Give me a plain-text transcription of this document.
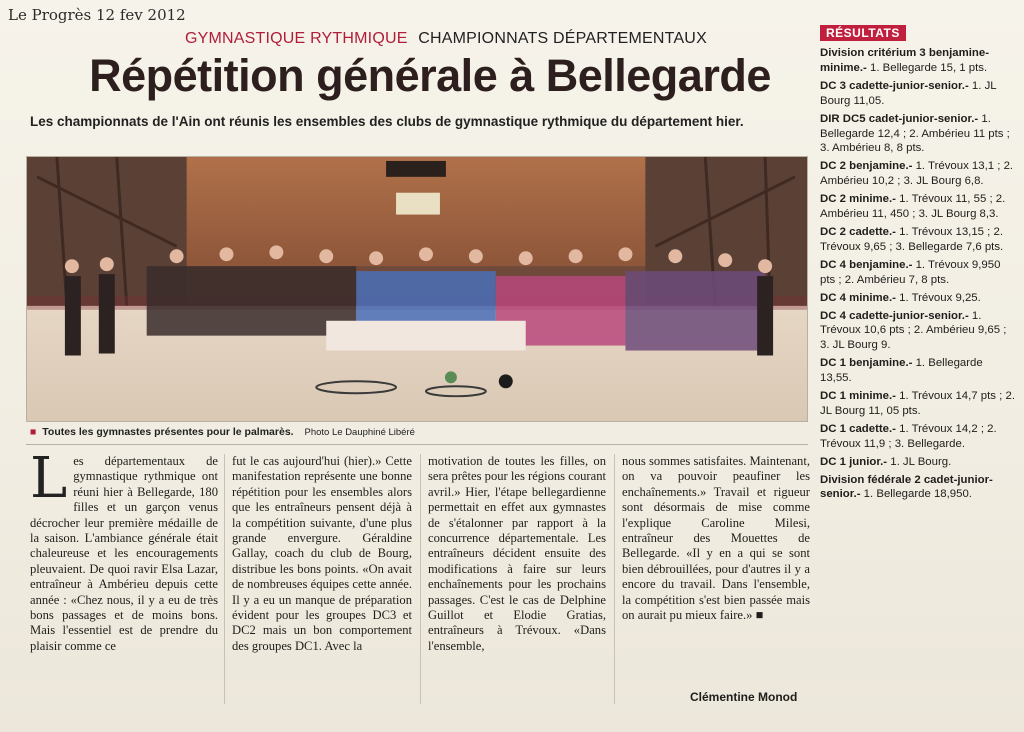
Le Progrès 12 fev 2012
GYMNASTIQUE RYTHMIQUE CHAMPIONNATS DÉPARTEMENTAUX
Répétition générale à Bellegarde
Les championnats de l'Ain ont réunis les ensembles des clubs de gymnastique rythmique du département hier.
■ Toutes les gymnastes présentes pour le palmarès. Photo Le Dauphiné Libéré
L es départementaux de gymnastique rythmique ont réuni hier à Bellegarde, 180 filles et un garçon venus décrocher leur première médaille de la saison. L'ambiance générale était chaleureuse et les encouragements pleuvaient. De quoi ravir Elsa Lazar, entraîneur à Ambérieu depuis cette année : «Chez nous, il y a eu de très bons passages et de moins bons. Mais l'essentiel est de prendre du plaisir comme ce
fut le cas aujourd'hui (hier).» Cette manifestation représente une bonne répétition pour les ensembles alors que les entraîneurs pensent déjà à la compétition suivante, d'une plus grande envergure. Géraldine Gallay, coach du club de Bourg, distribue les bons points. «On avait de nombreuses équipes cette année. Il y a eu un manque de préparation évident pour les groupes DC3 et DC2 mais un bon comportement des groupes DC1. Avec la
motivation de toutes les filles, on sera prêtes pour les régions courant avril.» Hier, l'étape bellegardienne permettait en effet aux gymnastes de s'étalonner par rapport à la concurrence départementale. Les entraîneurs décident ensuite des modifications à faire sur leurs enchaînements pour les prochains passages. C'est le cas de Delphine Guillot et Elodie Gratias, entraîneurs à Trévoux. «Dans l'ensemble,
nous sommes satisfaites. Maintenant, on va pouvoir peaufiner les enchaînements.» Travail et rigueur sont désormais de mise comme l'explique Caroline Milesi, entraîneur des Mouettes de Bellegarde. «Il y en a qui se sont bien débrouillées, pour d'autres il y a encore du travail. Dans l'ensemble, la compétition s'est bien passée mais on aurait pu mieux faire.» ■
Clémentine Monod
RÉSULTATS
Division critérium 3 benjamine-minime.- 1. Bellegarde 15, 1 pts.
DC 3 cadette-junior-senior.- 1. JL Bourg 11,05.
DIR DC5 cadet-junior-senior.- 1. Bellegarde 12,4 ; 2. Ambérieu 11 pts ; 3. Ambérieu 8, 8 pts.
DC 2 benjamine.- 1. Trévoux 13,1 ; 2. Ambérieu 10,2 ; 3. JL Bourg 6,8.
DC 2 minime.- 1. Trévoux 11, 55 ; 2. Ambérieu 11, 450 ; 3. JL Bourg 8,3.
DC 2 cadette.- 1. Trévoux 13,15 ; 2. Trévoux 9,65 ; 3. Bellegarde 7,6 pts.
DC 4 benjamine.- 1. Trévoux 9,950 pts ; 2. Ambérieu 7, 8 pts.
DC 4 minime.- 1. Trévoux 9,25.
DC 4 cadette-junior-senior.- 1. Trévoux 10,6 pts ; 2. Ambérieu 9,65 ; 3. JL Bourg 9.
DC 1 benjamine.- 1. Bellegarde 13,55.
DC 1 minime.- 1. Trévoux 14,7 pts ; 2. JL Bourg 11, 05 pts.
DC 1 cadette.- 1. Trévoux 14,2 ; 2. Trévoux 11,9 ; 3. Bellegarde.
DC 1 junior.- 1. JL Bourg.
Division fédérale 2 cadet-junior-senior.- 1. Bellegarde 18,950.
